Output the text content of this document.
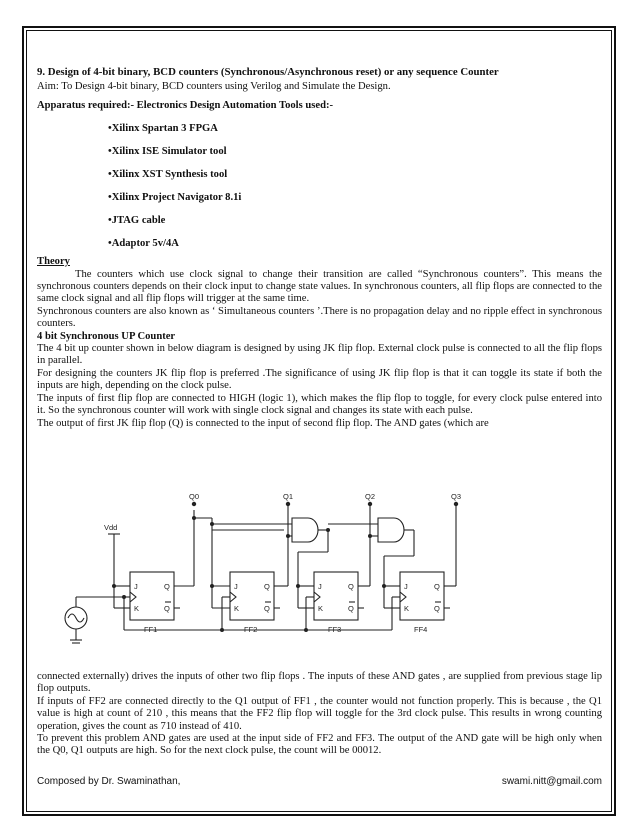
9. Design of 4-bit binary, BCD counters (Synchronous/Asynchronous reset) or any sequence Counter

Aim: To Design 4-bit binary, BCD counters using Verilog and Simulate the Design.

Apparatus required:- Electronics Design Automation Tools used:-

•Xilinx Spartan 3 FPGA

•Xilinx ISE Simulator tool

•Xilinx XST Synthesis tool

•Xilinx Project Navigator 8.1i

•JTAG cable

•Adaptor 5v/4A

Theory

The counters which use clock signal to change their transition are called “Synchronous counters”. This means the synchronous counters depends on their clock input to change state values. In synchronous counters, all flip flops are connected to the same clock signal and all flip flops will trigger at the same time.

Synchronous counters are also known as ‘ Simultaneous counters ’.There is no propagation delay and no ripple effect in synchronous counters.

4 bit Synchronous UP Counter

The 4 bit up counter shown in below diagram is designed by using JK flip flop. External clock pulse is connected to all the flip flops in parallel.

For designing the counters JK flip flop is preferred .The significance of using JK flip flop is that it can toggle its state if both the inputs are high, depending on the clock pulse.

The inputs of first flip flop are connected to HIGH (logic 1), which makes the flip flop to toggle, for every clock pulse entered into it. So the synchronous counter will work with single clock signal and changes its state with each pulse.

The output of first JK flip flop (Q) is connected to the input of second flip flop. The AND gates (which are

Vdd
Q0	Q1	Q2	Q3
J
K
Q
Q
J
K
Q
Q
J
K
Q
Q
J
K
Q
Q
FF1	FF2	FF3	FF4

connected externally) drives the inputs of other two flip flops . The inputs of these AND gates , are supplied from previous stage lip flop outputs.

If inputs of FF2 are connected directly to the Q1 output of FF1 , the counter would not function properly. This is because , the Q1 value is high at count of 210 , this means that the FF2 flip flop will toggle for the 3rd clock pulse. This results in wrong counting operation, gives the count as 710 instead of 410.

To prevent this problem AND gates are used at the input side of FF2 and FF3. The output of the AND gate will be high only when the Q0, Q1 outputs are high. So for the next clock pulse, the count will be 00012.

Composed by Dr. Swaminathan,	swami.nitt@gmail.com
